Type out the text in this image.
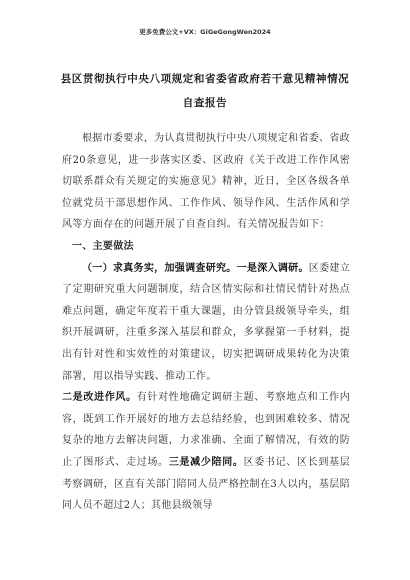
更多免费公文+VX：GiGeGongWen2024
县区贯彻执行中央八项规定和省委省政府若干意见精神情况自查报告

根据市委要求，为认真贯彻执行中央八项规定和省委、省政府20条意见，进一步落实区委、区政府《关于改进工作作风密切联系群众有关规定的实施意见》精神，近日，全区各级各单位就党员干部思想作风、工作作风、领导作风、生活作风和学风等方面存在的问题开展了自查自纠。有关情况报告如下：

一、主要做法

（一）求真务实，加强调查研究。一是深入调研。区委建立了定期研究重大问题制度，结合区情实际和社情民情针对热点难点问题，确定年度若干重大课题，由分管县级领导牵头，组织开展调研，注重多深入基层和群众，多掌握第一手材料，提出有针对性和实效性的对策建议，切实把调研成果转化为决策部署，用以指导实践、推动工作。

二是改进作风。有针对性地确定调研主题、考察地点和工作内容，既到工作开展好的地方去总结经验，也到困难较多、情况复杂的地方去解决问题，力求准确、全面了解情况，有效的防止了图形式、走过场。三是减少陪同。区委书记、区长到基层考察调研，区直有关部门陪同人员严格控制在3人以内，基层陪同人员不超过2人；其他县级领导
